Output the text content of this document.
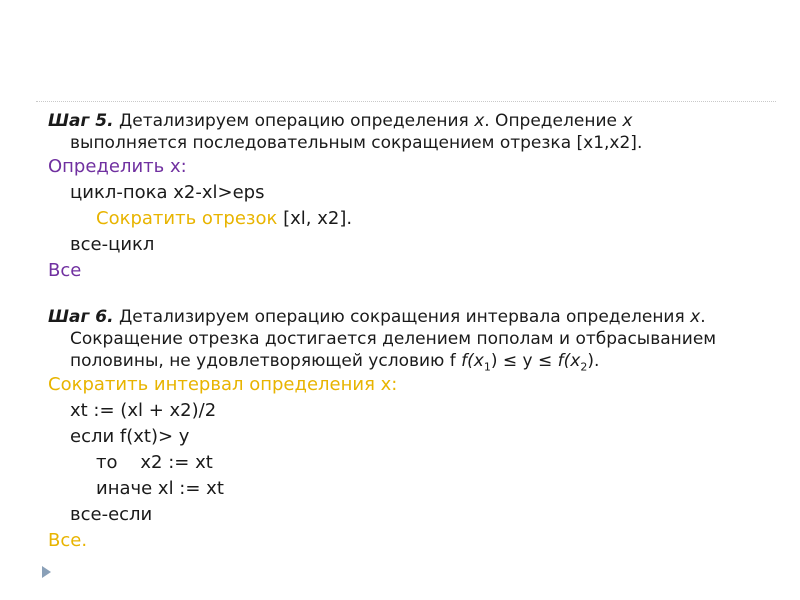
Шаг 5. Детализируем операцию определения x. Определение x

выполняется последовательным сокращением отрезка [x1,x2].

Определить x:

цикл-пока x2-xl>eps

Сократить отрезок [xl, x2].

все-цикл

Все

Шаг 6. Детализируем операцию сокращения интервала определения x.

Сокращение отрезка достигается делением пополам и отбрасыванием

половины, не удовлетворяющей условию f $f(x_1) \le y \le f(x_2)$.

Сократить интервал определения x:

xt := (xl + x2)/2

если f(xt)> y

то    x2 := xt

иначе xl := xt

все-если

Все.
